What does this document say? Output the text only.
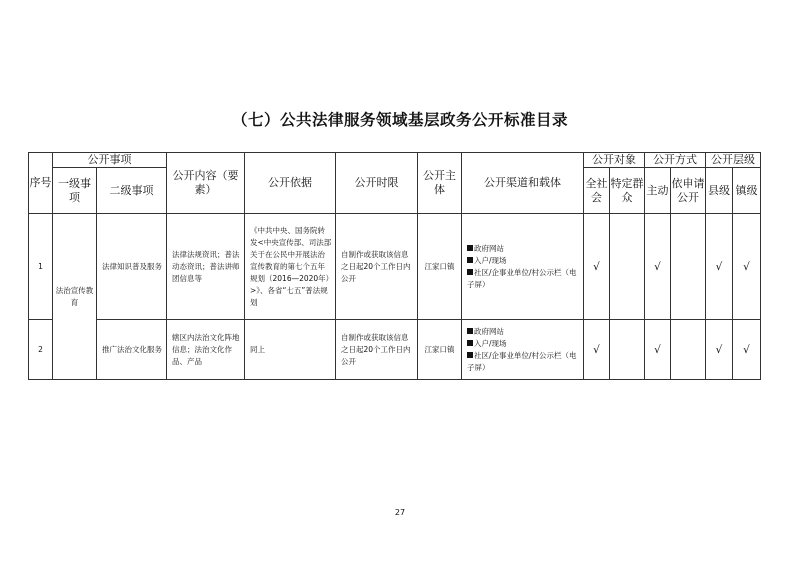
（七）公共法律服务领域基层政务公开标准目录
序号	公开事项		公开内容（要素）	公开依据	公开时限	公开主体	公开渠道和载体	公开对象		公开方式		公开层级	
	一级事项	二级事项						全社会	特定群众	主动	依申请公开	县级	镇级
1	法治宣传教育	法律知识普及服务	法律法规资讯；普法动态资讯；普法讲师团信息等	《中共中央、国务院转发<中央宣传部、司法部关于在公民中开展法治宣传教育的第七个五年规划（2016—2020年）>》、各省“七五”普法规划	自制作或获取该信息之日起20个工作日内公开	江家口镇	政府网站
入户/现场
社区/企事业单位/村公示栏（电子屏）	√		√		√	√
2		推广法治文化服务	辖区内法治文化阵地信息；法治文化作品、产品	同上	自制作或获取该信息之日起20个工作日内公开	江家口镇	政府网站
入户/现场
社区/企事业单位/村公示栏（电子屏）	√		√		√	√
27
